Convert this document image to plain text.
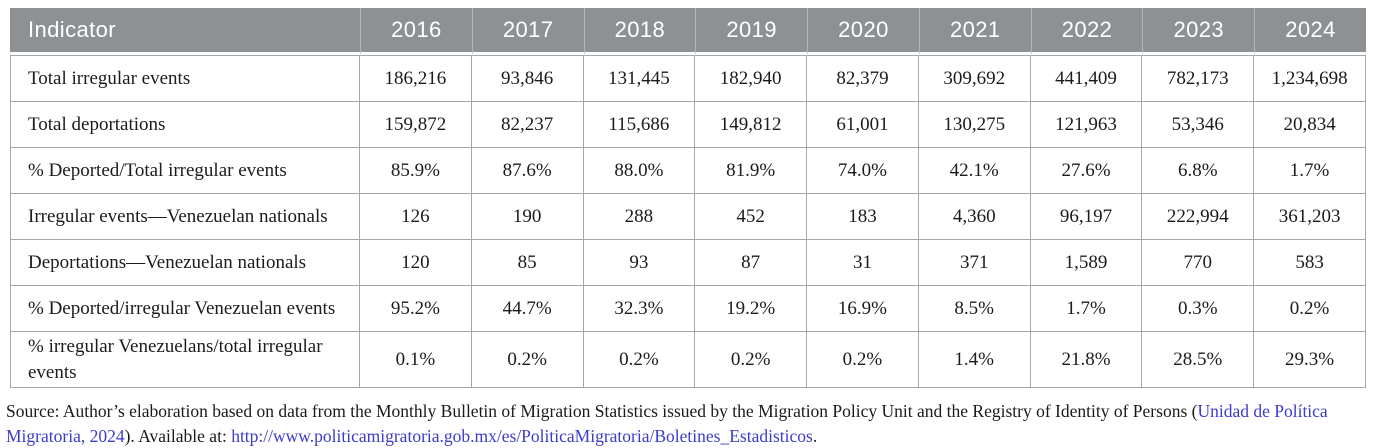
Indicator	2016	2017	2018	2019	2020	2021	2022	2023	2024
Total irregular events	186,216	93,846	131,445	182,940	82,379	309,692	441,409	782,173	1,234,698
Total deportations	159,872	82,237	115,686	149,812	61,001	130,275	121,963	53,346	20,834
% Deported/Total irregular events	85.9%	87.6%	88.0%	81.9%	74.0%	42.1%	27.6%	6.8%	1.7%
Irregular events—Venezuelan nationals	126	190	288	452	183	4,360	96,197	222,994	361,203
Deportations—Venezuelan nationals	120	85	93	87	31	371	1,589	770	583
% Deported/irregular Venezuelan events	95.2%	44.7%	32.3%	19.2%	16.9%	8.5%	1.7%	0.3%	0.2%
% irregular Venezuelans/total irregular events	0.1%	0.2%	0.2%	0.2%	0.2%	1.4%	21.8%	28.5%	29.3%

Source: Author’s elaboration based on data from the Monthly Bulletin of Migration Statistics issued by the Migration Policy Unit and the Registry of Identity of Persons (Unidad de Política Migratoria, 2024). Available at: http://www.politicamigratoria.gob.mx/es/PoliticaMigratoria/Boletines_Estadisticos.
